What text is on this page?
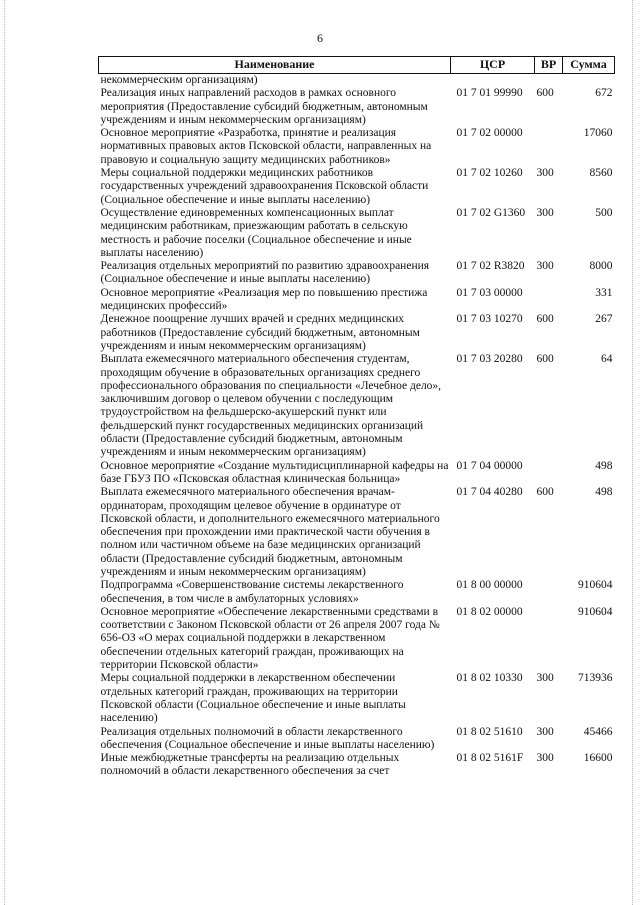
6
Наименование	ЦСР	ВР	Сумма
некоммерческим организациям)			
Реализация иных направлений расходов в рамках основного мероприятия (Предоставление субсидий бюджетным, автономным учреждениям и иным некоммерческим организациям)	01 7 01 99990	600	672
Основное мероприятие «Разработка, принятие и реализация нормативных правовых актов Псковской области, направленных на правовую и социальную защиту медицинских работников»	01 7 02 00000		17060
Меры социальной поддержки медицинских работников государственных учреждений здравоохранения Псковской области (Социальное обеспечение и иные выплаты населению)	01 7 02 10260	300	8560
Осуществление единовременных компенсационных выплат медицинским работникам, приезжающим работать в сельскую местность и рабочие поселки (Социальное обеспечение и иные выплаты населению)	01 7 02 G1360	300	500
Реализация отдельных мероприятий по развитию здравоохранения (Социальное обеспечение и иные выплаты населению)	01 7 02 R3820	300	8000
Основное мероприятие «Реализация мер по повышению престижа медицинских профессий»	01 7 03 00000		331
Денежное поощрение лучших врачей и средних медицинских работников (Предоставление субсидий бюджетным, автономным учреждениям и иным некоммерческим организациям)	01 7 03 10270	600	267
Выплата ежемесячного материального обеспечения студентам, проходящим обучение в образовательных организациях среднего профессионального образования по специальности «Лечебное дело», заключившим договор о целевом обучении с последующим трудоустройством на фельдшерско-акушерский пункт или фельдшерский пункт государственных медицинских организаций области (Предоставление субсидий бюджетным, автономным учреждениям и иным некоммерческим организациям)	01 7 03 20280	600	64
Основное мероприятие «Создание мультидисциплинарной кафедры на базе ГБУЗ ПО «Псковская областная клиническая больница»	01 7 04 00000		498
Выплата ежемесячного материального обеспечения врачам-ординаторам, проходящим целевое обучение в ординатуре от Псковской области, и дополнительного ежемесячного материального обеспечения при прохождении ими практической части обучения в полном или частичном объеме на базе медицинских организаций области (Предоставление субсидий бюджетным, автономным учреждениям и иным некоммерческим организациям)	01 7 04 40280	600	498
Подпрограмма «Совершенствование системы лекарственного обеспечения, в том числе в амбулаторных условиях»	01 8 00 00000		910604
Основное мероприятие «Обеспечение лекарственными средствами в соответствии с Законом Псковской области от 26 апреля 2007 года № 656-ОЗ «О мерах социальной поддержки в лекарственном обеспечении отдельных категорий граждан, проживающих на территории Псковской области»	01 8 02 00000		910604
Меры социальной поддержки в лекарственном обеспечении отдельных категорий граждан, проживающих на территории Псковской области (Социальное обеспечение и иные выплаты населению)	01 8 02 10330	300	713936
Реализация отдельных полномочий в области лекарственного обеспечения (Социальное обеспечение и иные выплаты населению)	01 8 02 51610	300	45466
Иные межбюджетные трансферты на реализацию отдельных полномочий в области лекарственного обеспечения за счет	01 8 02 5161F	300	16600
